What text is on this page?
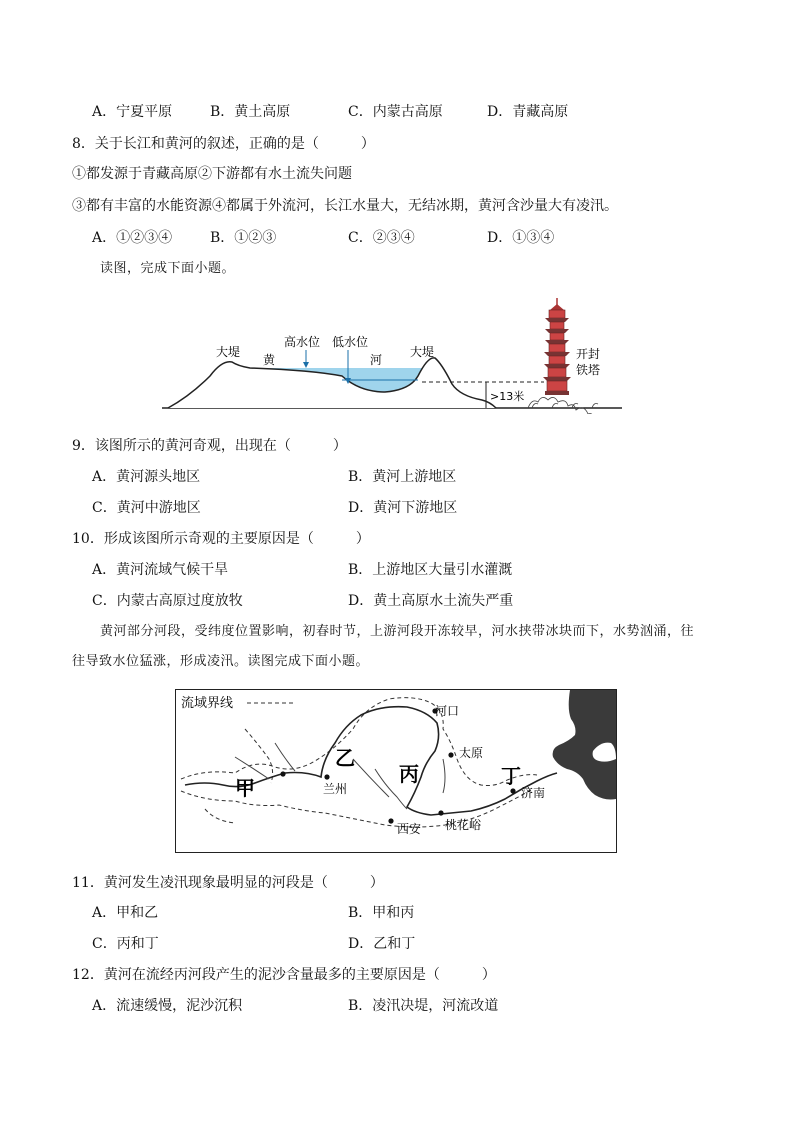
A．宁夏平原	B．黄土高原	C．内蒙古高原	D．青藏高原
8．关于长江和黄河的叙述，正确的是（　　　）
①都发源于青藏高原②下游都有水土流失问题
③都有丰富的水能资源④都属于外流河，长江水量大，无结冰期，黄河含沙量大有凌汛。
A．①②③④	B．①②③	C．②③④	D．①③④
读图，完成下面小题。
大堤
黄
高水位 低水位
河
大堤
>13米
开封
铁塔
9．该图所示的黄河奇观，出现在（　　　）
A．黄河源头地区	B．黄河上游地区
C．黄河中游地区	D．黄河下游地区
10．形成该图所示奇观的主要原因是（　　　）
A．黄河流域气候干旱	B．上游地区大量引水灌溉
C．内蒙古高原过度放牧	D．黄土高原水土流失严重
黄河部分河段，受纬度位置影响，初春时节，上游河段开冻较早，河水挟带冰块而下，水势汹涌，往
往导致水位猛涨，形成凌汛。读图完成下面小题。
流域界线	河口
太原
兰州
西安 桃花峪
济南
甲
乙
丙	丁
11．黄河发生凌汛现象最明显的河段是（　　　）
A．甲和乙	B．甲和丙
C．丙和丁	D．乙和丁
12．黄河在流经丙河段产生的泥沙含量最多的主要原因是（　　　）
A．流速缓慢，泥沙沉积	B．凌汛决堤，河流改道
